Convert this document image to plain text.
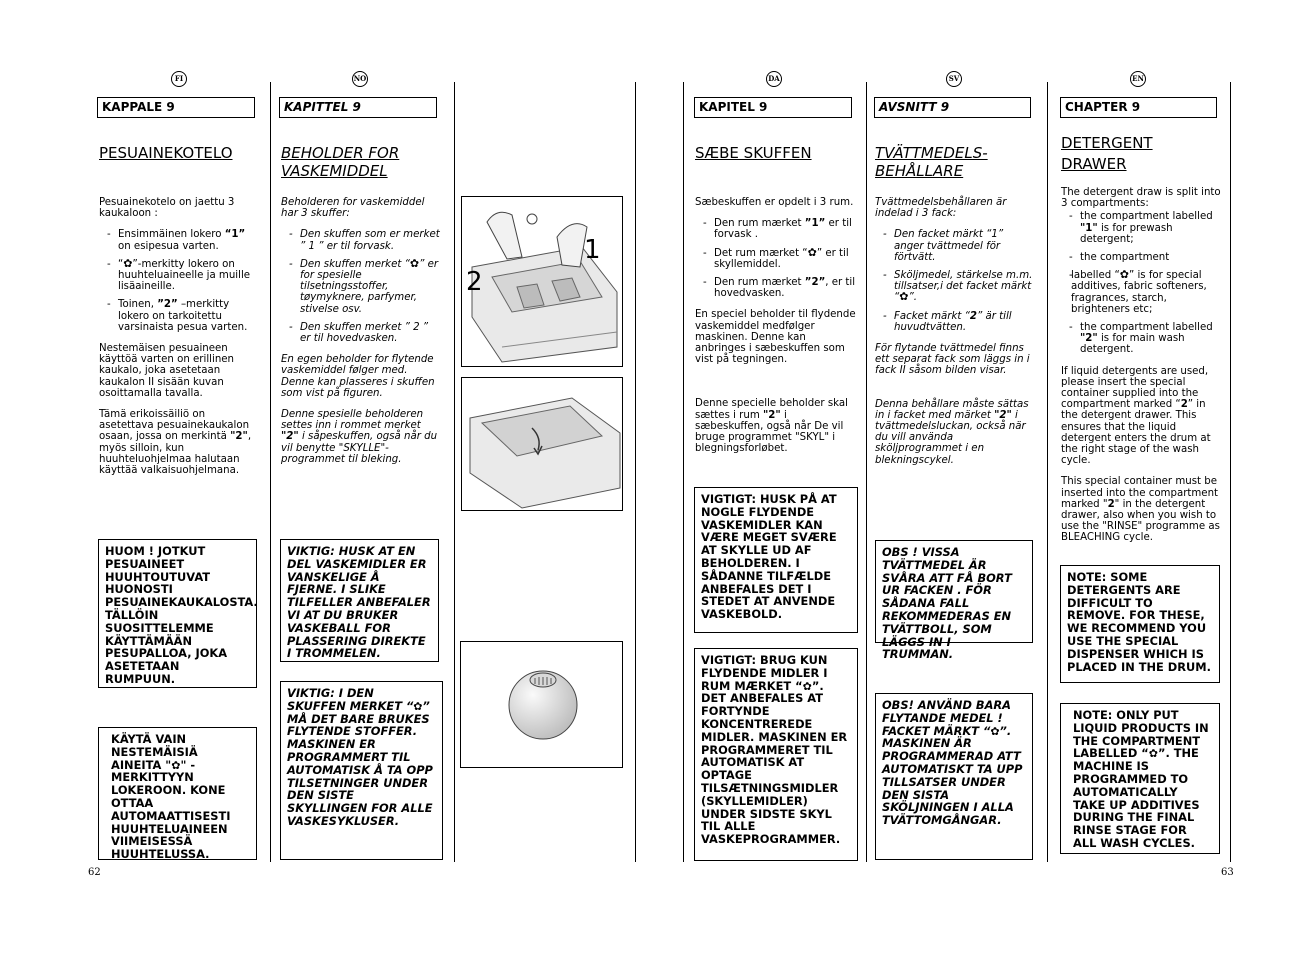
FI	NO	DA	SV	EN
KAPPALE 9
PESUAINEKOTELO

Pesuainekotelo on jaettu 3 kaukaloon :

- Ensimmäinen lokero “1” on esipesua varten.
- “✿”-merkitty lokero on huuhteluaineelle ja muille lisäaineille.
- Toinen, ”2” –merkitty lokero on tarkoitettu varsinaista pesua varten.

Nestemäisen pesuaineen käyttöä varten on erillinen kaukalo, joka asetetaan kaukalon II sisään kuvan osoittamalla tavalla.

Tämä erikoissäiliö on asetettava pesuainekaukalon osaan, jossa on merkintä "2", myös silloin, kun huuhteluohjelmaa halutaan käyttää valkaisuohjelmana.

HUOM ! JOTKUT PESUAINEET HUUHTOUTUVAT HUONOSTI PESUAINEKAUKALOSTA. TÄLLÖIN SUOSITTELEMME KÄYTTÄMÄÄN PESUPALLOA, JOKA ASETETAAN RUMPUUN.
KÄYTÄ VAIN NESTEMÄISIÄ AINEITA "✿" -MERKITTYYN LOKEROON. KONE OTTAA AUTOMAATTISESTI HUUHTELUAINEEN VIIMEISESSÄ HUUHTELUSSA.
KAPITTEL 9
BEHOLDER FOR VASKEMIDDEL

Beholderen for vaskemiddel har 3 skuffer:

- Den skuffen som er merket ” 1 ” er til forvask.
- Den skuffen merket “✿” er for spesielle tilsetningsstoffer, tøymyknere, parfymer, stivelse osv.
- Den skuffen merket ” 2 ” er til hovedvasken.

En egen beholder for flytende vaskemiddel følger med. Denne kan plasseres i skuffen som vist på figuren.

Denne spesielle beholderen settes inn i rommet merket "2" i såpeskuffen, også når du vil benytte "SKYLLE"-programmet til bleking.

VIKTIG: HUSK AT EN DEL VASKEMIDLER ER VANSKELIGE Å FJERNE. I SLIKE TILFELLER ANBEFALER VI AT DU BRUKER VASKEBALL FOR PLASSERING DIREKTE I TROMMELEN.
VIKTIG: I DEN SKUFFEN MERKET “✿” MÅ DET BARE BRUKES FLYTENDE STOFFER. MASKINEN ER PROGRAMMERT TIL AUTOMATISK Å TA OPP TILSETNINGER UNDER DEN SISTE SKYLLINGEN FOR ALLE VASKESYKLUSER.
1
2
KAPITEL 9
SÆBE SKUFFEN

Sæbeskuffen er opdelt i 3 rum.

- Den rum mærket ”1” er til forvask .
- Det rum mærket “✿” er til skyllemiddel.
- Den rum mærket ”2”, er til hovedvasken.

En speciel beholder til flydende vaskemiddel medfølger maskinen. Denne kan anbringes i sæbeskuffen som vist på tegningen.

Denne specielle beholder skal sættes i rum "2" i sæbeskuffen, også når De vil bruge programmet "SKYL" i blegningsforløbet.

VIGTIGT: HUSK PÅ AT NOGLE FLYDENDE VASKEMIDLER KAN VÆRE MEGET SVÆRE AT SKYLLE UD AF BEHOLDEREN. I SÅDANNE TILFÆLDE ANBEFALES DET I STEDET AT ANVENDE VASKEBOLD.
VIGTIGT: BRUG KUN FLYDENDE MIDLER I RUM MÆRKET “✿”. DET ANBEFALES AT FORTYNDE KONCENTREREDE MIDLER. MASKINEN ER PROGRAMMERET TIL AUTOMATISK AT OPTAGE TILSÆTNINGSMIDLER (SKYLLEMIDLER) UNDER SIDSTE SKYL TIL ALLE VASKEPROGRAMMER.
AVSNITT 9
TVÄTTMEDELS-BEHÅLLARE

Tvättmedelsbehållaren är indelad i 3 fack:

- Den facket märkt “1” anger tvättmedel för förtvätt.
- Sköljmedel, stärkelse m.m. tillsatser,i det facket märkt “✿”.
- Facket märkt “2” är till huvudtvätten.

För flytande tvättmedel finns ett separat fack som läggs in i fack II såsom bilden visar.

Denna behållare måste sättas in i facket med märket "2" i tvättmedelsluckan, också när du vill använda sköljprogrammet i en blekningscykel.

OBS ! VISSA TVÄTTMEDEL ÄR SVÅRA ATT FÅ BORT UR FACKEN . FÖR SÅDANA FALL REKOMMEDERAS EN TVÄTTBOLL, SOM LÄGGS IN I TRUMMAN.
OBS! ANVÄND BARA FLYTANDE MEDEL ! FACKET MÄRKT “✿”. MASKINEN ÄR PROGRAMMERAD ATT AUTOMATISKT TA UPP TILLSATSER UNDER DEN SISTA SKÖLJNINGEN I ALLA TVÄTTOMGÅNGAR.
CHAPTER 9
DETERGENT DRAWER

The detergent draw is split into 3 compartments:

- the compartment labelled "1" is for prewash detergent;
- the compartment
- labelled “✿” is for special additives, fabric softeners, fragrances, starch, brighteners etc;
- the compartment labelled "2" is for main wash detergent.

If liquid detergents are used, please insert the special container supplied into the compartment marked “2” in the detergent drawer. This ensures that the liquid detergent enters the drum at the right stage of the wash cycle.

This special container must be inserted into the compartment marked "2" in the detergent drawer, also when you wish to use the "RINSE" programme as BLEACHING cycle.

NOTE: SOME DETERGENTS ARE DIFFICULT TO REMOVE. FOR THESE, WE RECOMMEND YOU USE THE SPECIAL DISPENSER WHICH IS PLACED IN THE DRUM.
NOTE: ONLY PUT LIQUID PRODUCTS IN THE COMPARTMENT LABELLED “✿”. THE MACHINE IS PROGRAMMED TO AUTOMATICALLY TAKE UP ADDITIVES DURING THE FINAL RINSE STAGE FOR ALL WASH CYCLES.
62	63
